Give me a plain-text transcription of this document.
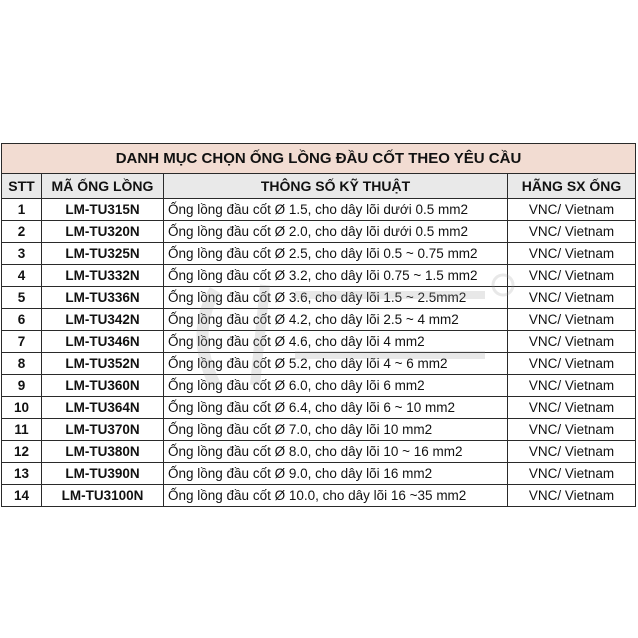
DANH MỤC CHỌN ỐNG LỒNG ĐẦU CỐT THEO YÊU CẦU			
STT	MÃ ỐNG LỒNG	THÔNG SỐ KỸ THUẬT	HÃNG SX ỐNG
1	LM-TU315N	Ống lồng đầu cốt Ø 1.5, cho dây lõi dưới 0.5 mm2	VNC/ Vietnam
2	LM-TU320N	Ống lồng đầu cốt Ø 2.0, cho dây lõi dưới 0.5 mm2	VNC/ Vietnam
3	LM-TU325N	Ống lồng đầu cốt Ø 2.5, cho dây lõi 0.5 ~ 0.75 mm2	VNC/ Vietnam
4	LM-TU332N	Ống lồng đầu cốt Ø 3.2, cho dây lõi 0.75 ~ 1.5 mm2	VNC/ Vietnam
5	LM-TU336N	Ống lồng đầu cốt Ø 3.6, cho dây lõi 1.5 ~ 2.5mm2	VNC/ Vietnam
6	LM-TU342N	Ống lồng đầu cốt Ø 4.2, cho dây lõi 2.5 ~ 4 mm2	VNC/ Vietnam
7	LM-TU346N	Ống lồng đầu cốt Ø 4.6, cho dây lõi 4 mm2	VNC/ Vietnam
8	LM-TU352N	Ống lồng đầu cốt Ø 5.2, cho dây lõi 4 ~ 6 mm2	VNC/ Vietnam
9	LM-TU360N	Ống lồng đầu cốt Ø 6.0, cho dây lõi 6 mm2	VNC/ Vietnam
10	LM-TU364N	Ống lồng đầu cốt Ø 6.4, cho dây lõi 6 ~ 10 mm2	VNC/ Vietnam
11	LM-TU370N	Ống lồng đầu cốt Ø 7.0, cho dây lõi 10 mm2	VNC/ Vietnam
12	LM-TU380N	Ống lồng đầu cốt Ø 8.0, cho dây lõi 10 ~ 16 mm2	VNC/ Vietnam
13	LM-TU390N	Ống lồng đầu cốt Ø 9.0, cho dây lõi 16 mm2	VNC/ Vietnam
14	LM-TU3100N	Ống lồng đầu cốt Ø 10.0, cho dây lõi 16 ~35 mm2	VNC/ Vietnam
